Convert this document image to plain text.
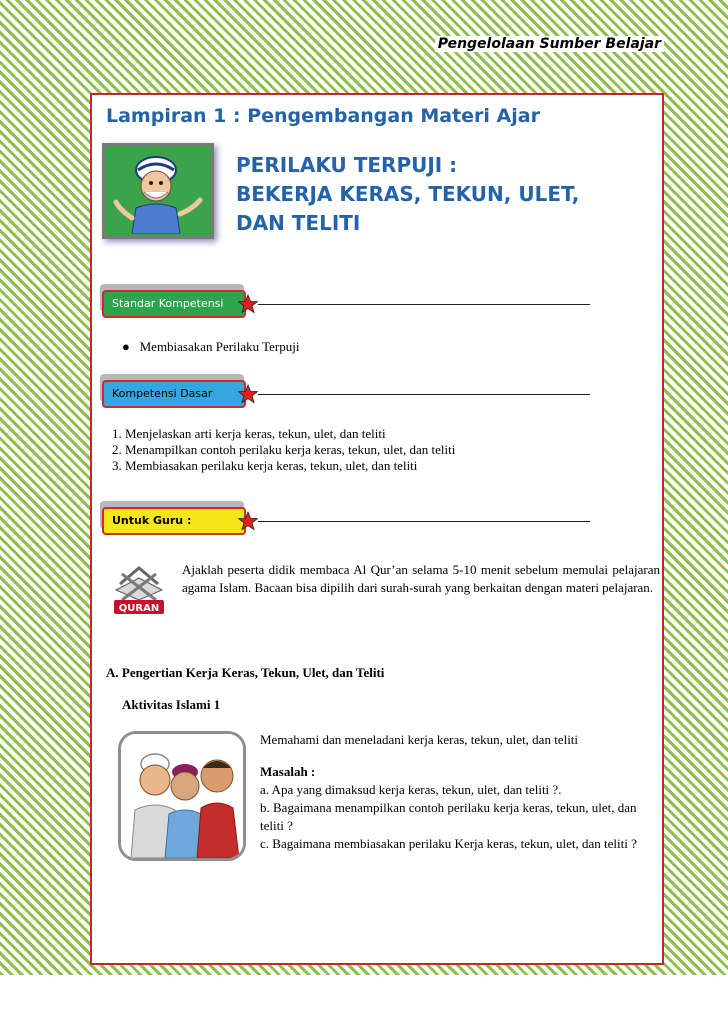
Pengelolaan Sumber Belajar
Lampiran 1 : Pengembangan Materi Ajar
PERILAKU TERPUJI :
BEKERJA KERAS, TEKUN, ULET,
DAN TELITI
Standar Kompetensi
●   Membiasakan Perilaku Terpuji
Kompetensi Dasar
1. Menjelaskan arti kerja keras, tekun, ulet, dan teliti
2. Menampilkan contoh perilaku kerja keras, tekun, ulet, dan teliti
3. Membiasakan perilaku kerja keras, tekun, ulet, dan teliti
Untuk Guru :
QURAN
Ajaklah peserta didik membaca Al Qur’an selama 5-10 menit sebelum memulai pelajaran agama Islam. Bacaan bisa dipilih dari surah-surah yang berkaitan dengan materi pelajaran.
A. Pengertian Kerja Keras, Tekun, Ulet, dan Teliti
Aktivitas Islami 1
Memahami dan meneladani kerja keras, tekun, ulet, dan teliti
Masalah :
a. Apa yang dimaksud kerja keras, tekun, ulet, dan teliti ?.
b. Bagaimana menampilkan contoh perilaku kerja keras, tekun, ulet, dan teliti ?
c. Bagaimana membiasakan perilaku Kerja keras, tekun, ulet, dan teliti ?
